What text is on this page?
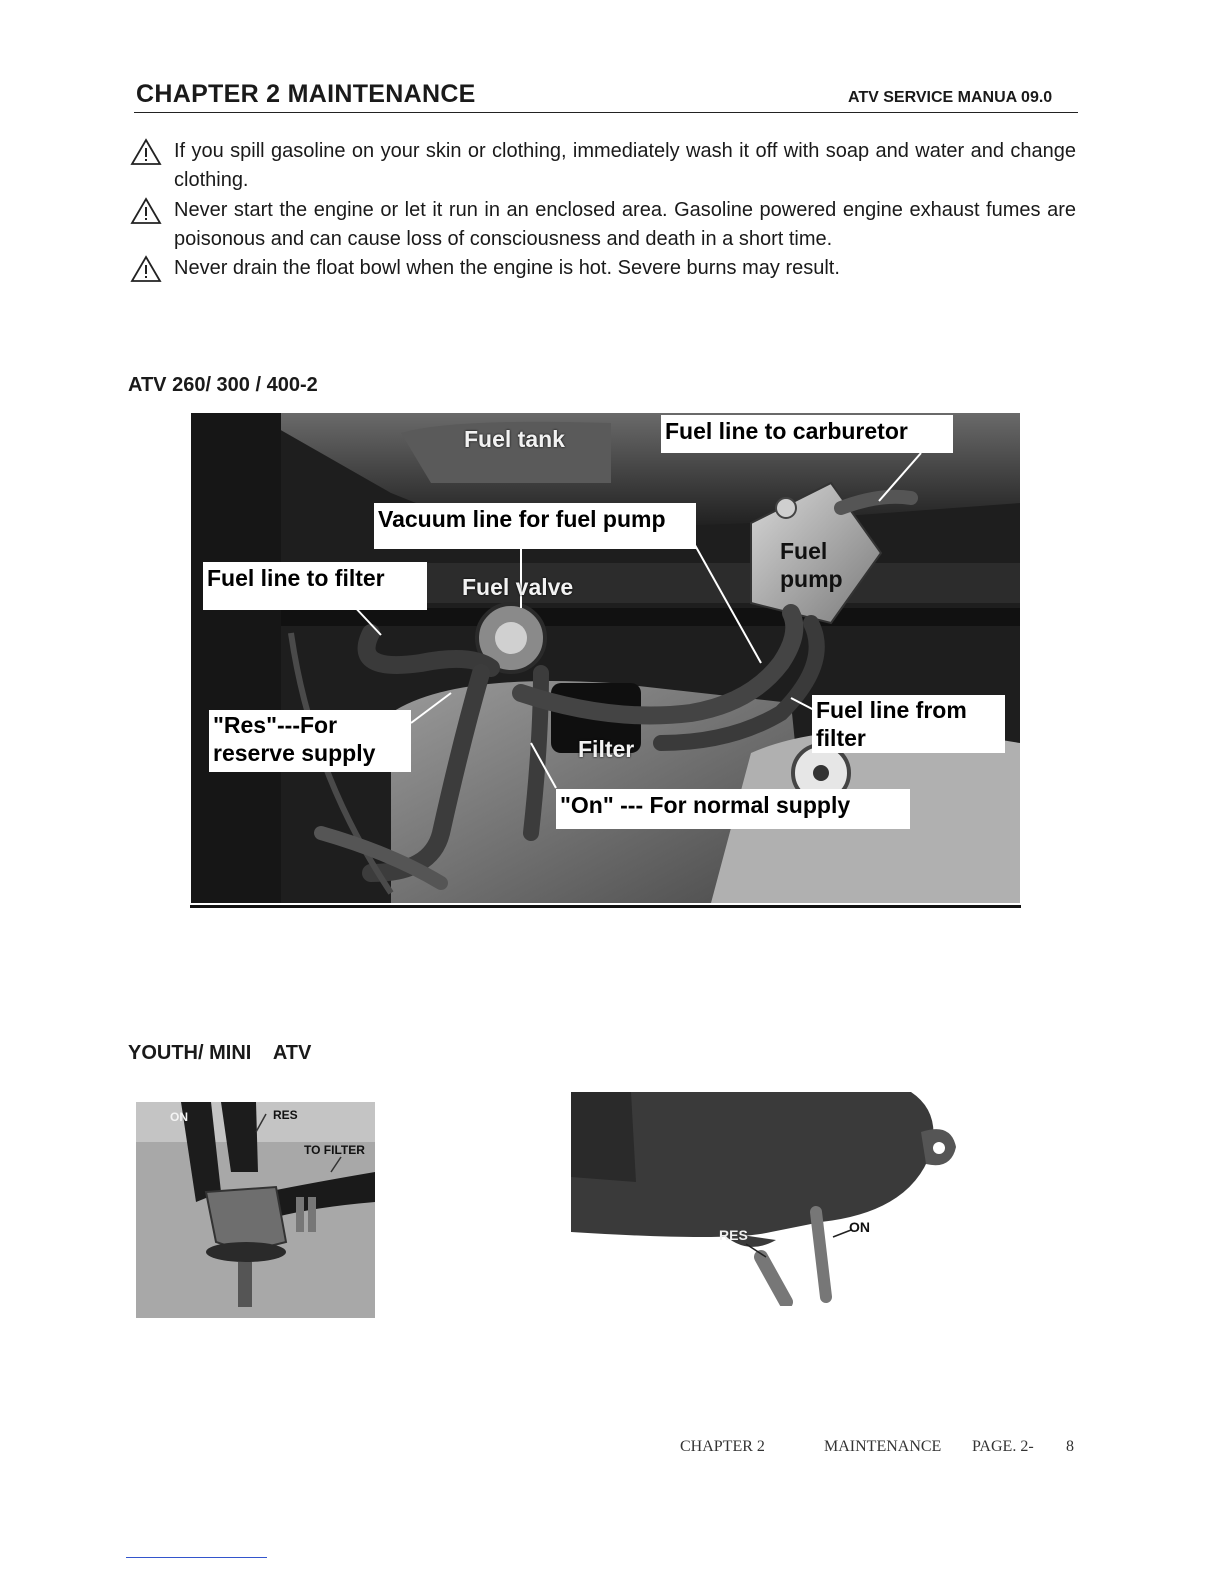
CHAPTER 2 MAINTENANCE	ATV SERVICE MANUA 09.0
If you spill gasoline on your skin or clothing, immediately wash it off with soap and water and change clothing.
Never start the engine or let it run in an enclosed area. Gasoline powered engine exhaust fumes are poisonous and can cause loss of consciousness and death in a short time.
Never drain the float bowl when the engine is hot. Severe burns may result.
ATV 260/ 300 / 400-2
Fuel tank	Fuel line to carburetor
Vacuum line for fuel pump
Fuel
pump
Fuel line to filter	Fuel valve
"Res"---For
reserve supply
Fuel line from
filter
Filter
"On" --- For normal supply
YOUTH/ MINI    ATV
ON	RES
TO FILTER
RES	ON
CHAPTER 2	MAINTENANCE PAGE. 2- 8
